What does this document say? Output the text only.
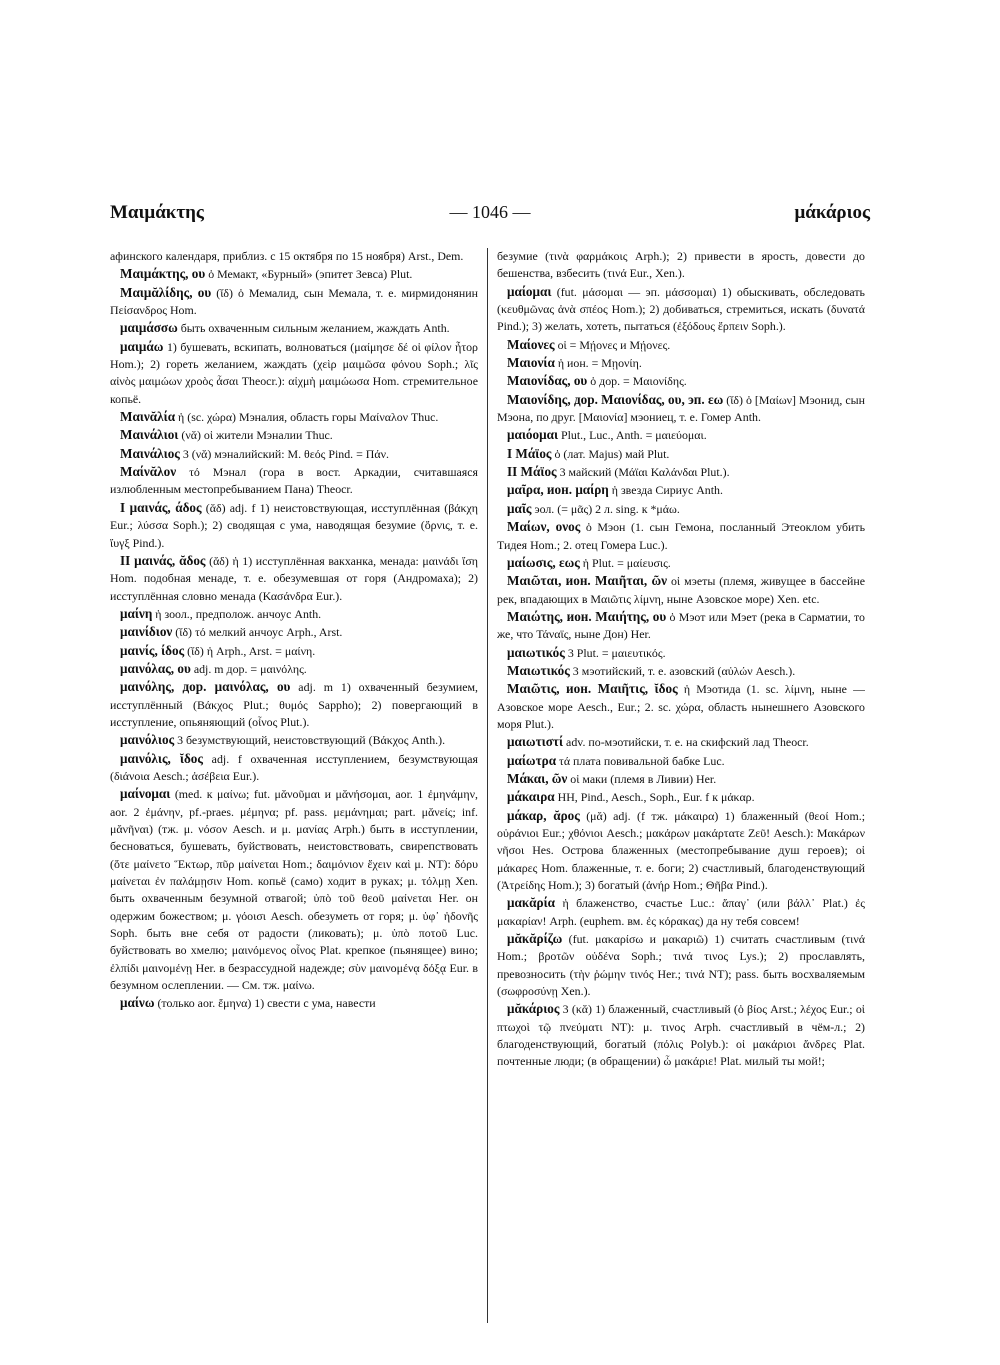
Μαιμάκτης	— 1046 —	μάκάριος

афинского календаря, приблиз. с 15 октября по 15 ноября) Arst., Dem.

Μαιμάκτης, ου ὁ Мемакт, «Бурный» (эпитет Зевса) Plut.

Μαιμᾰλίδης, ου (ῐδ) ὁ Мемалид, сын Мемала, т. е. мирмидонянин Πείσανδρος Hom.

μαιμάσσω быть охваченным сильным желанием, жаждать Anth.

μαιμάω 1) бушевать, вскипать, волноваться (μαίμησε δέ οἱ φίλον ἦτορ Hom.); 2) гореть желанием, жаждать (χεὶρ μαιμῶσα φόνου Soph.; λῖς αἰνὸς μαιμώων χροὸς ἆσαι Theocr.): αἰχμὴ μαιμώωσα Hom. стремительное копьё.

Μαινᾰλία ἡ (sc. χώρα) Мэналия, область горы Μαίναλον Thuc.

Μαινάλιοι (νᾰ) οἱ жители Мэналии Thuc.

Μαινάλιος 3 (νᾰ) мэналийский: Μ. θεός Pind. = Πάν.

Μαίνᾰλον τό Мэнал (гора в вост. Аркадии, считавшаяся излюбленным местопребыванием Пана) Theocr.

I μαινάς, άδος (ᾰδ) adj. f 1) неистовствующая, исступлённая (βάκχη Eur.; λύσσα Soph.); 2) сводящая с ума, наводящая безумие (ὄρνις, т. е. ἴυγξ Pind.).

II μαινάς, ᾰδος (ᾰδ) ἡ 1) исступлённая вакханка, менада: μαινάδι ἴση Hom. подобная менаде, т. е. обезумевшая от горя (Андромаха); 2) исступлённая словно менада (Κασάνδρα Eur.).

μαίνη ἡ зоол., предполож. анчоус Anth.

μαινίδιον (ῐδ) τό мелкий анчоус Arph., Arst.

μαινίς, ίδος (ῐδ) ἡ Arph., Arst. = μαίνη.

μαινόλας, ου adj. m дор. = μαινόλης.

μαινόλης, дор. μαινόλας, ου adj. m 1) охваченный безумием, исступлённый (Βάκχος Plut.; θυμός Sappho); 2) повергающий в исступление, опьяняющий (οἶνος Plut.).

μαινόλιος 3 безумствующий, неистовствующий (Βάκχος Anth.).

μαινόλις, ῐδος adj. f охваченная исступлением, безумствующая (διάνοια Aesch.; ἀσέβεια Eur.).

μαίνομαι (med. к μαίνω; fut. μᾰνοῦμαι и μᾰνήσομαι, aor. 1 ἐμηνάμην, aor. 2 ἐμάνην, pf.-praes. μέμηνα; pf. pass. μεμάνημαι; part. μᾰνείς; inf. μᾰνῆναι) (тж. μ. νόσον Aesch. и μ. μανίας Arph.) быть в исступлении, бесноваться, бушевать, буйствовать, неистовствовать, свирепствовать (ὅτε μαίνετο Ἕκτωρ, πῦρ μαίνεται Hom.; δαιμόνιον ἔχειν καὶ μ. NT): δόρυ μαίνεται ἐν παλάμῃσιν Hom. копьё (само) ходит в руках; μ. τόλμῃ Xen. быть охваченным безумной отвагой; ὑπὸ τοῦ θεοῦ μαίνεται Her. он одержим божеством; μ. γόοισι Aesch. обезуметь от горя; μ. ὑφ᾽ ἡδονῆς Soph. быть вне себя от радости (ликовать); μ. ὑπὸ ποτοῦ Luc. буйствовать во хмелю; μαινόμενος οἶνος Plat. крепкое (пьянящее) вино; ἐλπίδι μαινομένῃ Her. в безрассудной надежде; σὺν μαινομένᾳ δόξᾳ Eur. в безумном ослеплении. — См. тж. μαίνω.

μαίνω (только aor. ἔμηνα) 1) свести с ума, навести

безумие (τινὰ φαρμάκοις Arph.); 2) привести в ярость, довести до бешенства, взбесить (τινά Eur., Xen.).

μαίομαι (fut. μάσομαι — эп. μάσσομαι) 1) обыскивать, обследовать (κευθμῶνας ἀνὰ σπέος Hom.); 2) добиваться, стремиться, искать (δυνατά Pind.); 3) желать, хотеть, пытаться (ἐξόδους ἕρπειν Soph.).

Μαίονες οἱ = Μῄονες и Μῄονες.

Μαιονία ἡ ион. = Μῃονίη.

Μαιονίδας, ου ὁ дор. = Μαιονίδης.

Μαιονίδης, дор. Μαιονίδας, ου, эп. εω (ῐδ) ὁ [Μαίων] Мэонид, сын Мэона, по друг. [Μαιονία] мэониец, т. е. Гомер Anth.

μαιόομαι Plut., Luc., Anth. = μαιεύομαι.

I Μάϊος ὁ (лат. Majus) май Plut.

II Μάϊος 3 майский (Μάϊαι Καλάνδαι Plut.).

μαῖρα, ион. μαίρη ἡ звезда Сириус Anth.

μαῖς эол. (= μᾶς) 2 л. sing. к *μάω.

Μαίων, ονος ὁ Мэон (1. сын Гемона, посланный Этеоклом убить Тидея Hom.; 2. отец Гомера Luc.).

μαίωσις, εως ἡ Plut. = μαίευσις.

Μαιῶται, ион. Μαιῆται, ῶν οἱ мэеты (племя, живущее в бассейне рек, впадающих в Μαιῶτις λίμνη, ныне Азовское море) Xen. etc.

Μαιώτης, ион. Μαιήτης, ου ὁ Мэот или Мэет (река в Сарматии, то же, что Τάναϊς, ныне Дон) Her.

μαιωτικός 3 Plut. = μαιευτικός.

Μαιωτικός 3 мэотийский, т. е. азовский (αὐλών Aesch.).

Μαιῶτις, ион. Μαιῆτις, ῐδος ἡ Мэотида (1. sc. λίμνη, ныне — Азовское море Aesch., Eur.; 2. sc. χώρα, область нынешнего Азовского моря Plut.).

μαιωτιστί adv. по-мэотийски, т. е. на скифский лад Theocr.

μαίωτρα τά плата повивальной бабке Luc.

Μάκαι, ῶν οἱ маки (племя в Ливии) Her.

μάκαιρα HH, Pind., Aesch., Soph., Eur. f к μάκαρ.

μάκαρ, ᾰρος (μᾰ) adj. (f тж. μάκαιρα) 1) блаженный (θεοί Hom.; οὐράνιοι Eur.; χθόνιοι Aesch.; μακάρων μακάρτατε Ζεῦ! Aesch.): Μακάρων νῆσοι Hes. Острова блаженных (местопребывание душ героев); οἱ μάκαρες Hom. блаженные, т. е. боги; 2) счастливый, благоденствующий (Ἀτρείδης Hom.); 3) богатый (ἀνήρ Hom.; Θῆβα Pind.).

μακᾰρία ἡ блаженство, счастье Luc.: ἄπαγ᾽ (или βάλλ᾽ Plat.) ἐς μακαρίαν! Arph. (euphem. вм. ἐς κόρακας) да ну тебя совсем!

μᾰκᾰρίζω (fut. μακαρίσω и μακαριῶ) 1) считать счастливым (τινά Hom.; βροτῶν οὐδένα Soph.; τινά τινος Lys.); 2) прославлять, превозносить (τὴν ῥώμην τινός Her.; τινά NT); pass. быть восхваляемым (σωφροσύνῃ Xen.).

μᾰκάριος 3 (κᾰ) 1) блаженный, счастливый (ὁ βίος Arst.; λέχος Eur.; οἱ πτωχοὶ τῷ πνεύματι NT): μ. τινος Arph. счастливый в чём-л.; 2) благоденствующий, богатый (πόλις Polyb.): οἱ μακάριοι ἄνδρες Plat. почтенные люди; (в обращении) ὦ μακάριε! Plat. милый ты мой!;
